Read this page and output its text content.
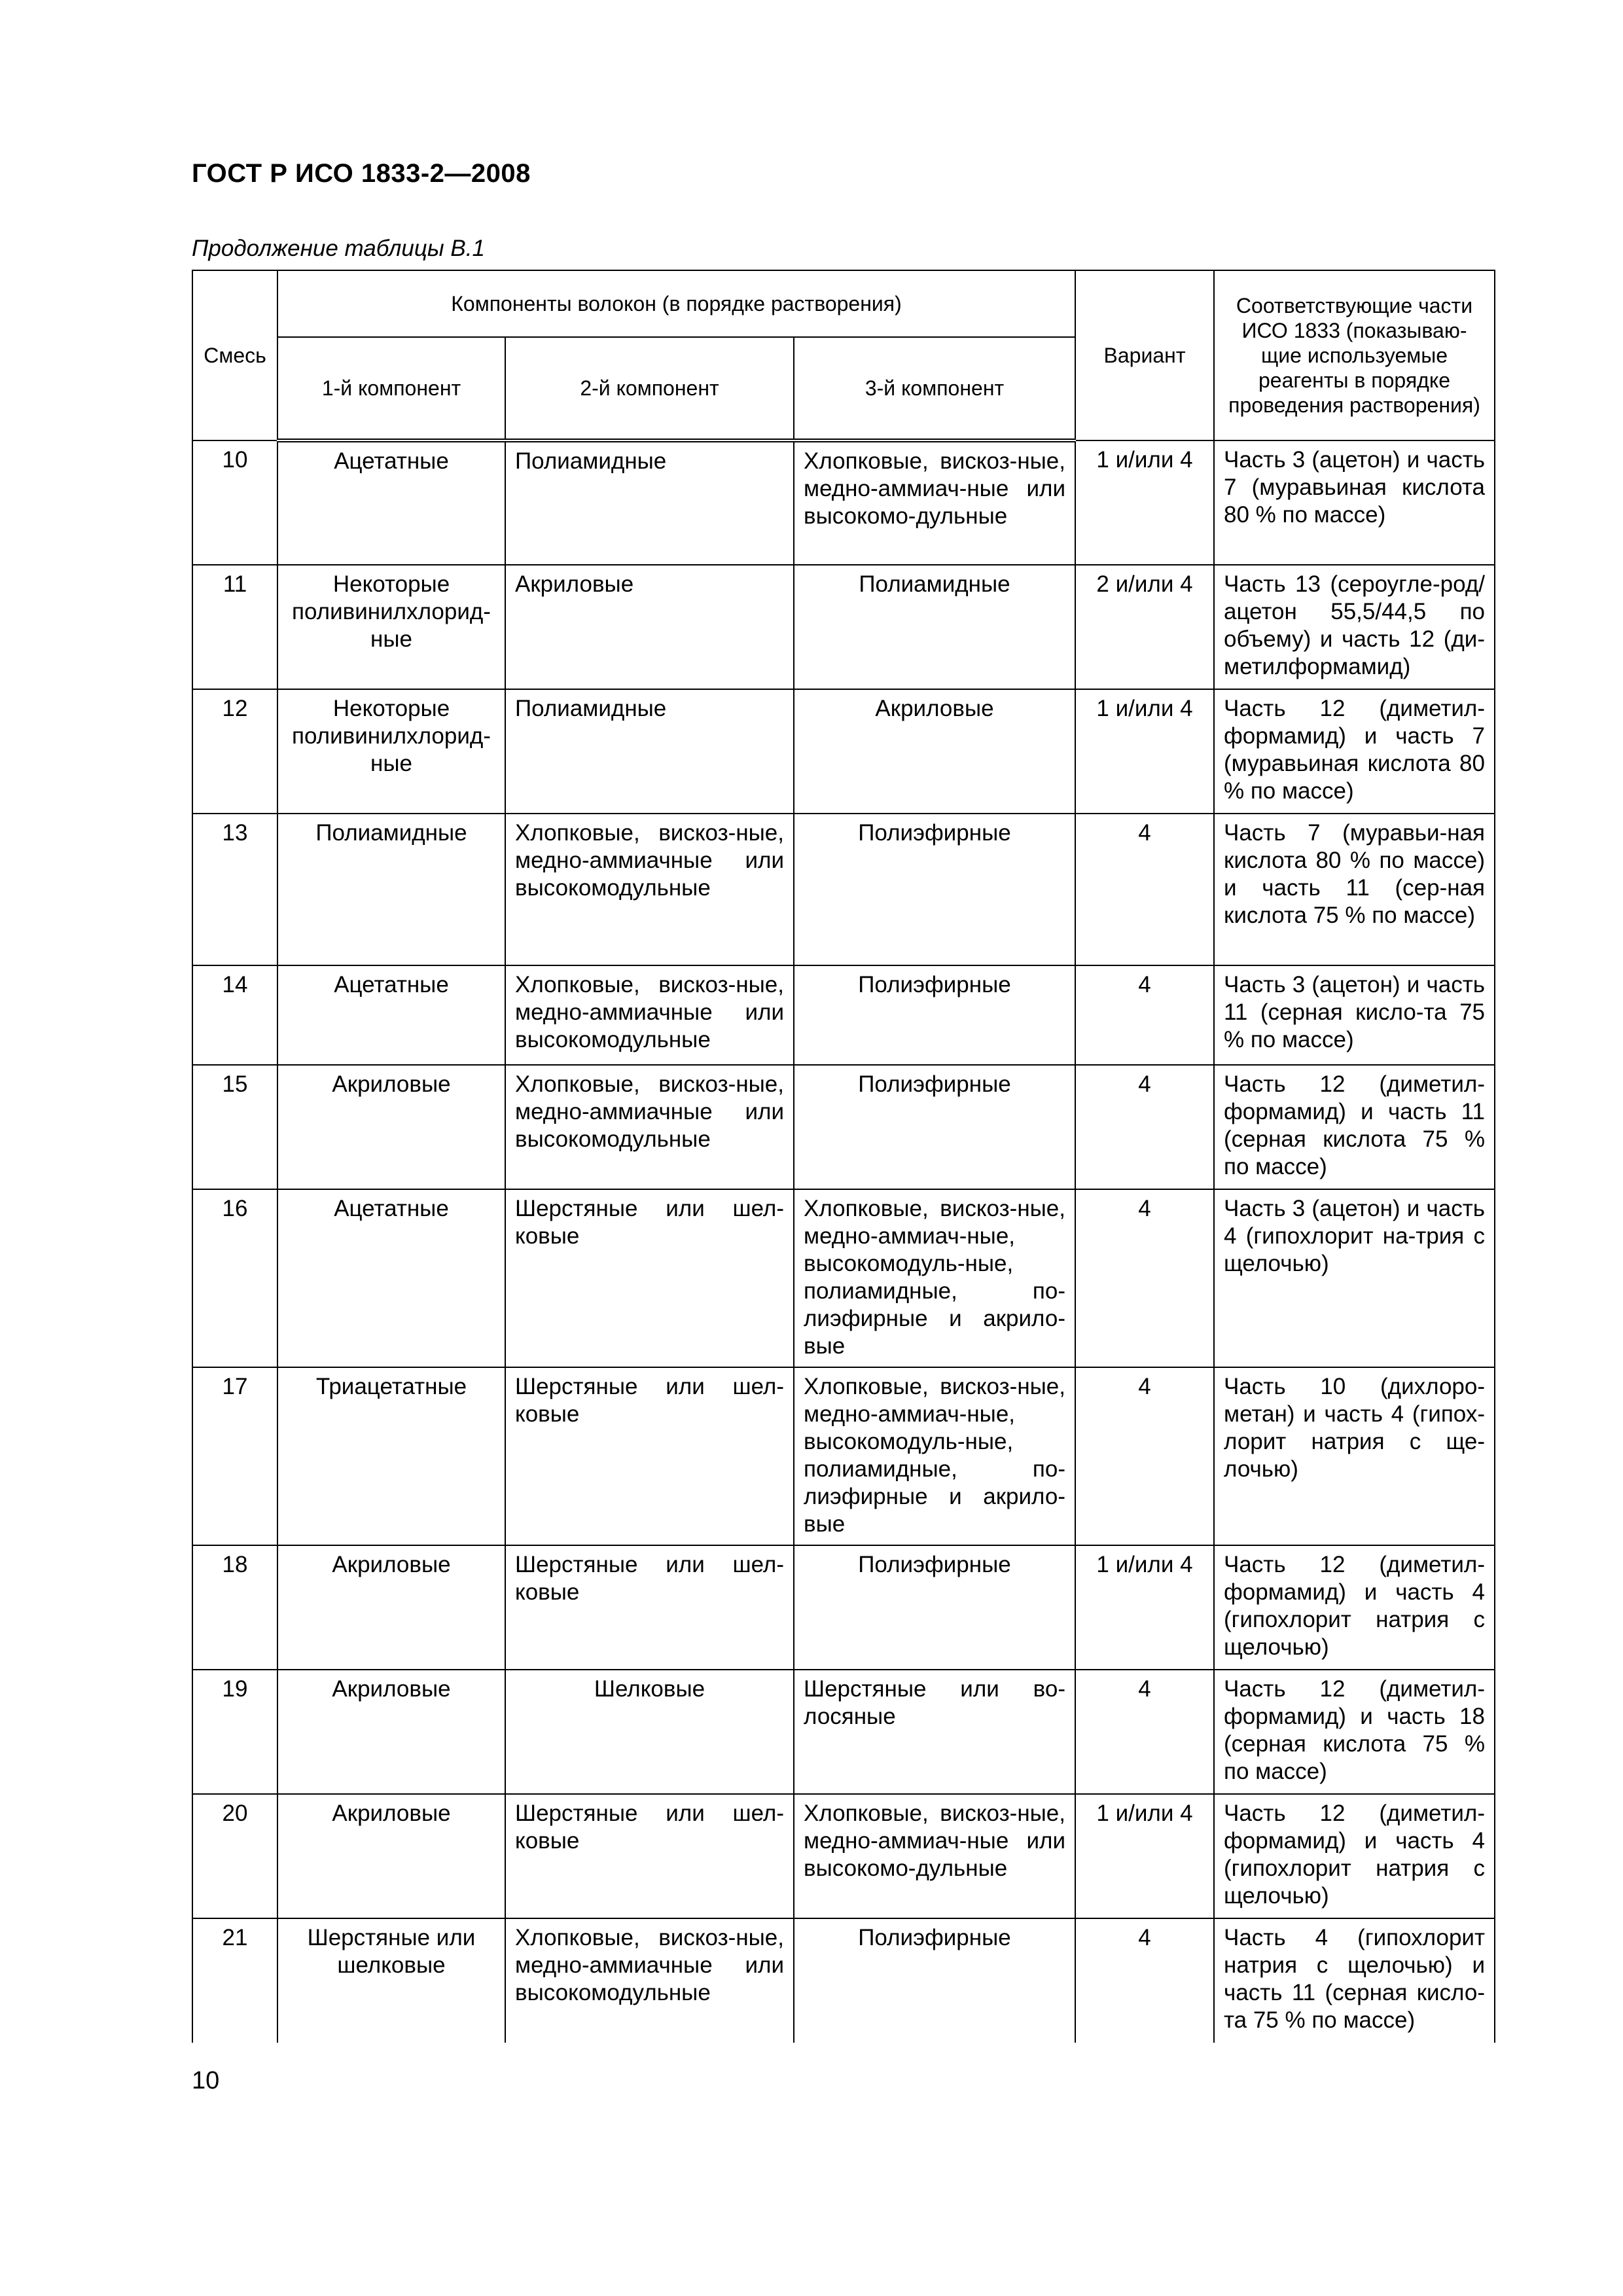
ГОСТ Р ИСО 1833-2—2008
Продолжение таблицы В.1
Смесь	Компоненты волокон (в порядке растворения)			Вариант	Соответствующие части ИСО 1833 (показываю-щие используемые реагенты в порядке проведения растворения)
	1-й компонент	2-й компонент	3-й компонент		
10	Ацетатные	Полиамидные	Хлопковые, вискоз-ные, медно-аммиач-ные или высокомо-дульные	1 и/или 4	Часть 3 (ацетон) и часть 7 (муравьиная кислота 80 % по массе)
11	Некоторые поливинилхлорид-ные	Акриловые	Полиамидные	2 и/или 4	Часть 13 (сероугле-род/ацетон 55,5/44,5 по объему) и часть 12 (ди-метилформамид)
12	Некоторые поливинилхлорид-ные	Полиамидные	Акриловые	1 и/или 4	Часть 12 (диметил-формамид) и часть 7 (муравьиная кислота 80 % по массе)
13	Полиамидные	Хлопковые, вискоз-ные, медно-аммиачные или высокомодульные	Полиэфирные	4	Часть 7 (муравьи-ная кислота 80 % по массе) и часть 11 (сер-ная кислота 75 % по массе)
14	Ацетатные	Хлопковые, вискоз-ные, медно-аммиачные или высокомодульные	Полиэфирные	4	Часть 3 (ацетон) и часть 11 (серная кисло-та 75 % по массе)
15	Акриловые	Хлопковые, вискоз-ные, медно-аммиачные или высокомодульные	Полиэфирные	4	Часть 12 (диметил-формамид) и часть 11 (серная кислота 75 % по массе)
16	Ацетатные	Шерстяные или шел-ковые	Хлопковые, вискоз-ные, медно-аммиач-ные, высокомодуль-ные, полиамидные, по-лиэфирные и акрило-вые	4	Часть 3 (ацетон) и часть 4 (гипохлорит на-трия с щелочью)
17	Триацетатные	Шерстяные или шел-ковые	Хлопковые, вискоз-ные, медно-аммиач-ные, высокомодуль-ные, полиамидные, по-лиэфирные и акрило-вые	4	Часть 10 (дихлоро-метан) и часть 4 (гипох-лорит натрия с ще-лочью)
18	Акриловые	Шерстяные или шел-ковые	Полиэфирные	1 и/или 4	Часть 12 (диметил-формамид) и часть 4 (гипохлорит натрия с щелочью)
19	Акриловые	Шелковые	Шерстяные или во-лосяные	4	Часть 12 (диметил-формамид) и часть 18 (серная кислота 75 % по массе)
20	Акриловые	Шерстяные или шел-ковые	Хлопковые, вискоз-ные, медно-аммиач-ные или высокомо-дульные	1 и/или 4	Часть 12 (диметил-формамид) и часть 4 (гипохлорит натрия с щелочью)
21	Шерстяные или шелковые	Хлопковые, вискоз-ные, медно-аммиачные или высокомодульные	Полиэфирные	4	Часть 4 (гипохлорит натрия с щелочью) и часть 11 (серная кисло-та 75 % по массе)
10
